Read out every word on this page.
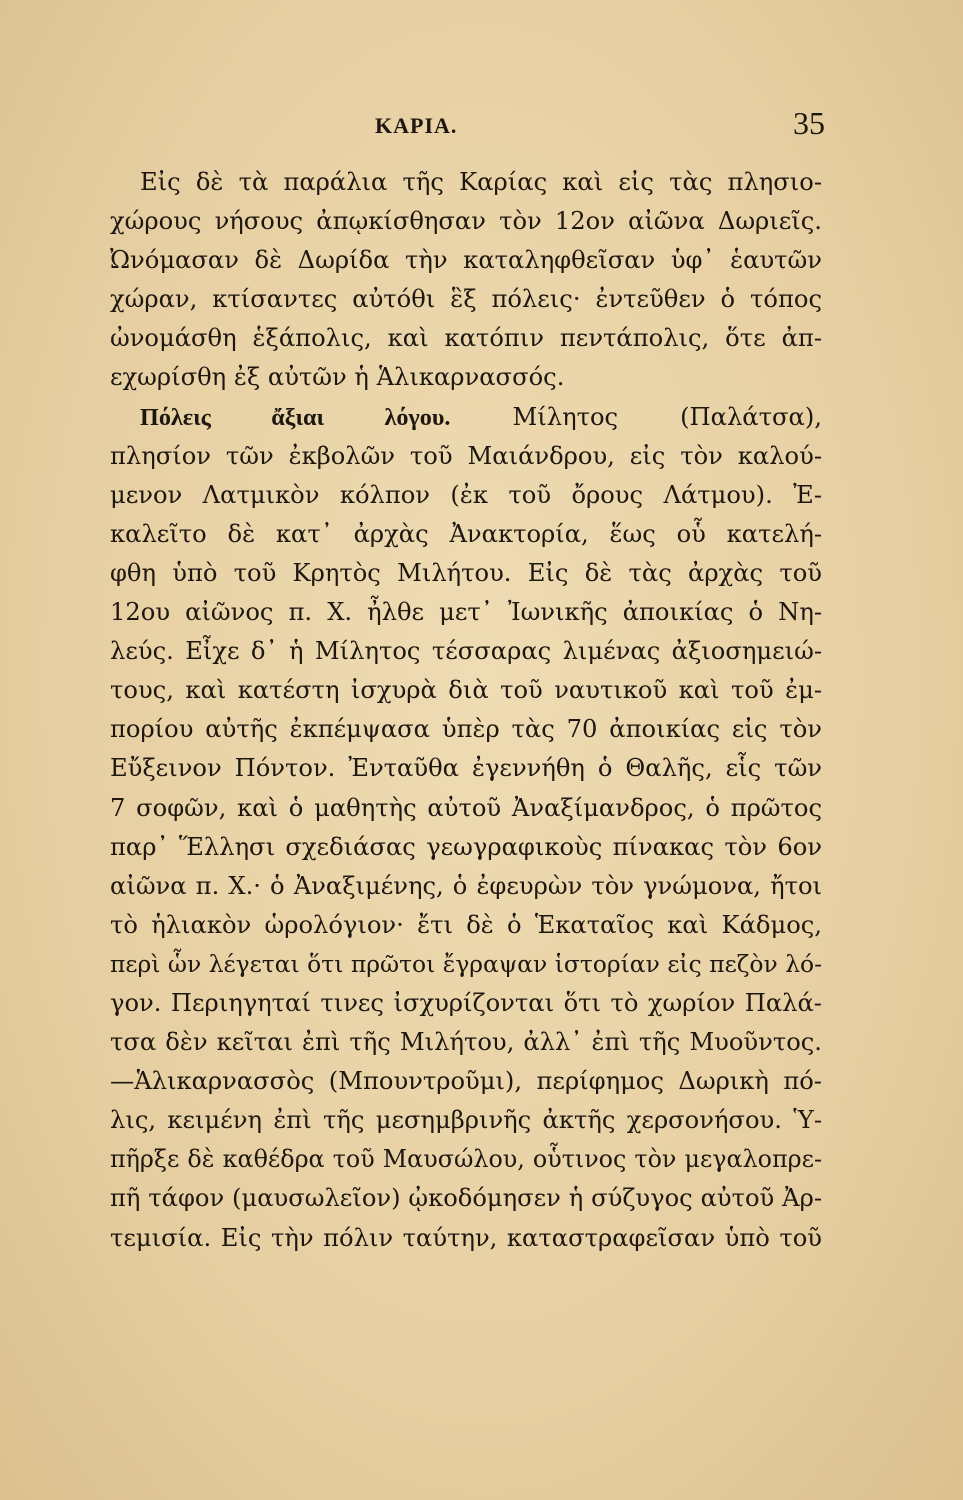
ΚΑΡΙΑ.	35
Εἰς δὲ τὰ παράλια τῆς Καρίας καὶ εἰς τὰς πλησιο-
χώρους νήσους ἀπῳκίσθησαν τὸν 12ον αἰῶνα Δωριεῖς.
Ὠνόμασαν δὲ Δωρίδα τὴν καταληφθεῖσαν ὑφ᾽ ἑαυτῶν
χώραν, κτίσαντες αὐτόθι ἓξ πόλεις· ἐντεῦθεν ὁ τόπος
ὠνομάσθη ἑξάπολις, καὶ κατόπιν πεντάπολις, ὅτε ἀπ-
εχωρίσθη ἐξ αὐτῶν ἡ Ἁλικαρνασσός.
Πόλεις ἄξιαι λόγου. Μίλητος (Παλάτσα),
πλησίον τῶν ἐκβολῶν τοῦ Μαιάνδρου, εἰς τὸν καλού-
μενον Λατμικὸν κόλπον (ἐκ τοῦ ὄρους Λάτμου). Ἐ-
καλεῖτο δὲ κατ᾽ ἀρχὰς Ἀνακτορία, ἕως οὗ κατελή-
φθη ὑπὸ τοῦ Κρητὸς Μιλήτου. Εἰς δὲ τὰς ἀρχὰς τοῦ
12ου αἰῶνος π. Χ. ἦλθε μετ᾽ Ἰωνικῆς ἀποικίας ὁ Νη-
λεύς. Εἶχε δ᾽ ἡ Μίλητος τέσσαρας λιμένας ἀξιοσημειώ-
τους, καὶ κατέστη ἰσχυρὰ διὰ τοῦ ναυτικοῦ καὶ τοῦ ἐμ-
πορίου αὐτῆς ἐκπέμψασα ὑπὲρ τὰς 70 ἀποικίας εἰς τὸν
Εὔξεινον Πόντον. Ἐνταῦθα ἐγεννήθη ὁ Θαλῆς, εἷς τῶν
7 σοφῶν, καὶ ὁ μαθητὴς αὐτοῦ Ἀναξίμανδρος, ὁ πρῶτος
παρ᾽ Ἕλλησι σχεδιάσας γεωγραφικοὺς πίνακας τὸν 6ον
αἰῶνα π. Χ.· ὁ Ἀναξιμένης, ὁ ἐφευρὼν τὸν γνώμονα, ἤτοι
τὸ ἡλιακὸν ὡρολόγιον· ἔτι δὲ ὁ Ἑκαταῖος καὶ Κάδμος,
περὶ ὧν λέγεται ὅτι πρῶτοι ἔγραψαν ἱστορίαν εἰς πεζὸν λό-
γον. Περιηγηταί τινες ἰσχυρίζονται ὅτι τὸ χωρίον Παλά-
τσα δὲν κεῖται ἐπὶ τῆς Μιλήτου, ἀλλ᾽ ἐπὶ τῆς Μυοῦντος.
—Ἁλικαρνασσὸς (Μπουντροῦμι), περίφημος Δωρικὴ πό-
λις, κειμένη ἐπὶ τῆς μεσημβρινῆς ἀκτῆς χερσονήσου. Ὑ-
πῆρξε δὲ καθέδρα τοῦ Μαυσώλου, οὗτινος τὸν μεγαλοπρε-
πῆ τάφον (μαυσωλεῖον) ᾠκοδόμησεν ἡ σύζυγος αὐτοῦ Ἀρ-
τεμισία. Εἰς τὴν πόλιν ταύτην, καταστραφεῖσαν ὑπὸ τοῦ
